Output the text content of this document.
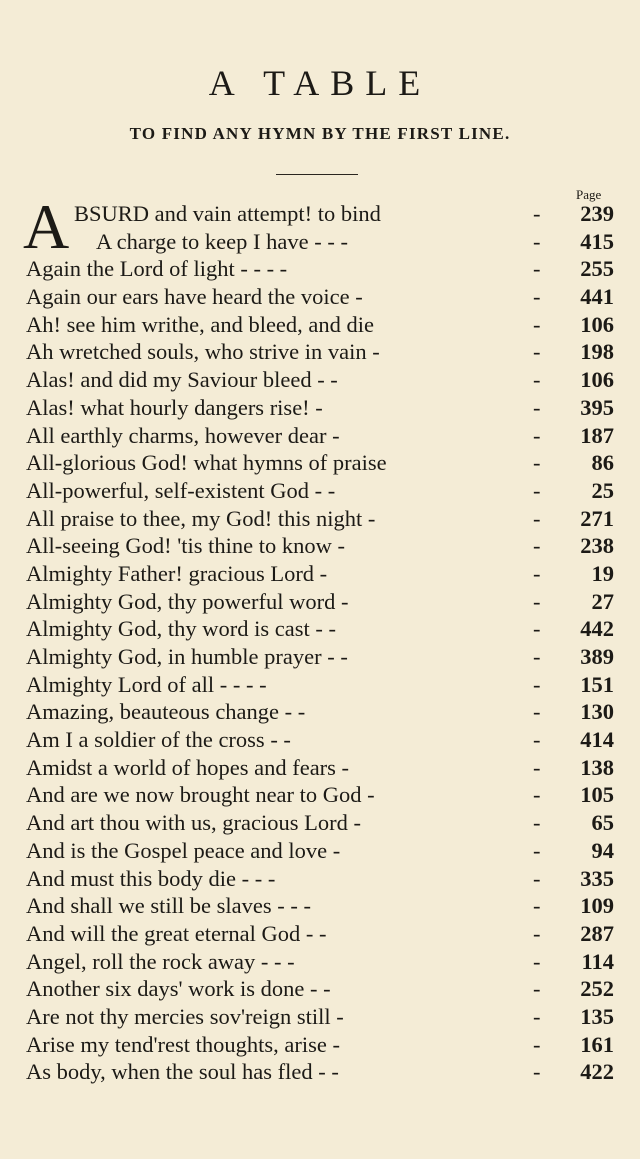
A TABLE
TO FIND ANY HYMN BY THE FIRST LINE.
Page
A BSURD and vain attempt! to bind	- 239
A charge to keep I have - - -	- 415
Again the Lord of light - - - -	- 255
Again our ears have heard the voice -	- 441
Ah! see him writhe, and bleed, and die	- 106
Ah wretched souls, who strive in vain -	- 198
Alas! and did my Saviour bleed - -	- 106
Alas! what hourly dangers rise! -	- 395
All earthly charms, however dear -	- 187
All-glorious God! what hymns of praise	- 86
All-powerful, self-existent God - -	- 25
All praise to thee, my God! this night -	- 271
All-seeing God! 'tis thine to know -	- 238
Almighty Father! gracious Lord -	- 19
Almighty God, thy powerful word -	- 27
Almighty God, thy word is cast - -	- 442
Almighty God, in humble prayer - -	- 389
Almighty Lord of all - - - -	- 151
Amazing, beauteous change - -	- 130
Am I a soldier of the cross - -	- 414
Amidst a world of hopes and fears -	- 138
And are we now brought near to God -	- 105
And art thou with us, gracious Lord -	- 65
And is the Gospel peace and love -	- 94
And must this body die - - -	- 335
And shall we still be slaves - - -	- 109
And will the great eternal God - -	- 287
Angel, roll the rock away - - -	- 114
Another six days' work is done - -	- 252
Are not thy mercies sov'reign still -	- 135
Arise my tend'rest thoughts, arise -	- 161
As body, when the soul has fled - -	- 422
